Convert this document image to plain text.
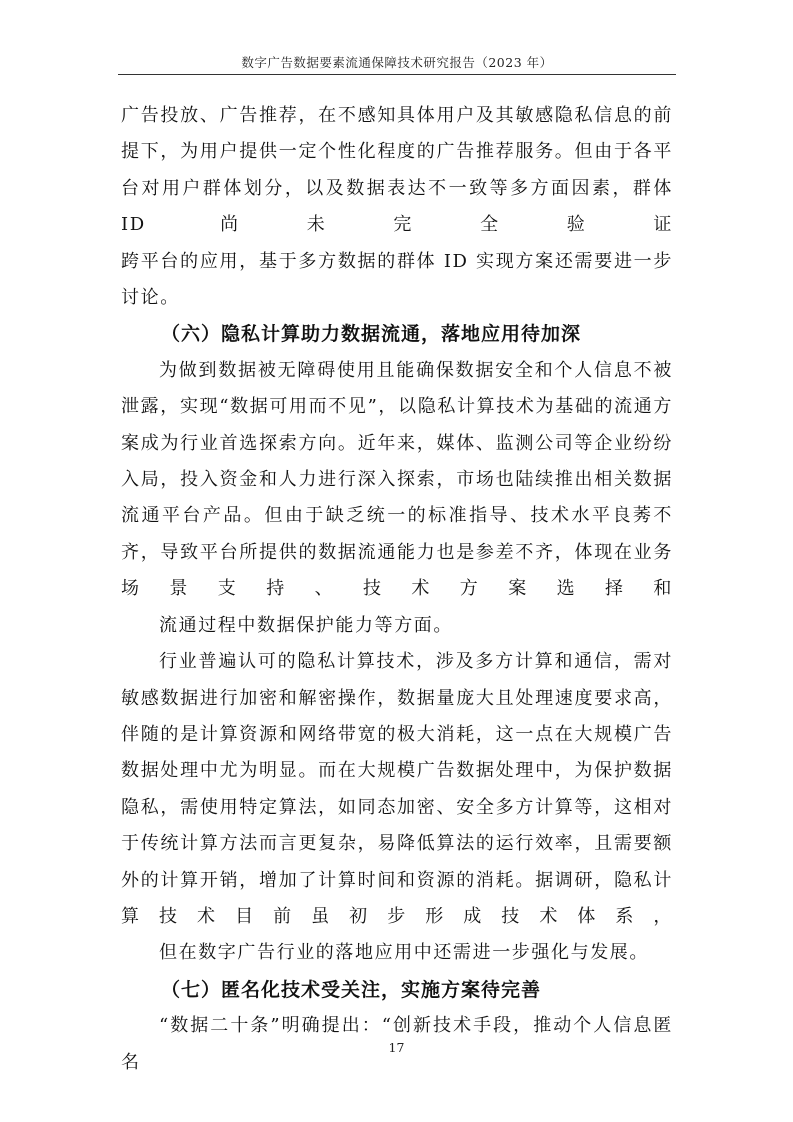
数字广告数据要素流通保障技术研究报告（2023 年）

广告投放、广告推荐，在不感知具体用户及其敏感隐私信息的前提下，为用户提供一定个性化程度的广告推荐服务。但由于各平台对用户群体划分，以及数据表达不一致等多方面因素，群体 ID 尚未完全验证
跨平台的应用，基于多方数据的群体 ID 实现方案还需要进一步讨论。

（六）隐私计算助力数据流通，落地应用待加深

为做到数据被无障碍使用且能确保数据安全和个人信息不被泄露，实现“数据可用而不见”，以隐私计算技术为基础的流通方案成为行业首选探索方向。近年来，媒体、监测公司等企业纷纷入局，投入资金和人力进行深入探索，市场也陆续推出相关数据流通平台产品。但由于缺乏统一的标准指导、技术水平良莠不齐，导致平台所提供的数据流通能力也是参差不齐，体现在业务场景支持、技术方案选择和
流通过程中数据保护能力等方面。

行业普遍认可的隐私计算技术，涉及多方计算和通信，需对敏感数据进行加密和解密操作，数据量庞大且处理速度要求高，伴随的是计算资源和网络带宽的极大消耗，这一点在大规模广告数据处理中尤为明显。而在大规模广告数据处理中，为保护数据隐私，需使用特定算法，如同态加密、安全多方计算等，这相对于传统计算方法而言更复杂，易降低算法的运行效率，且需要额外的计算开销，增加了计算时间和资源的消耗。据调研，隐私计算技术目前虽初步形成技术体系，
但在数字广告行业的落地应用中还需进一步强化与发展。

（七）匿名化技术受关注，实施方案待完善

“数据二十条”明确提出：“创新技术手段，推动个人信息匿名

17
